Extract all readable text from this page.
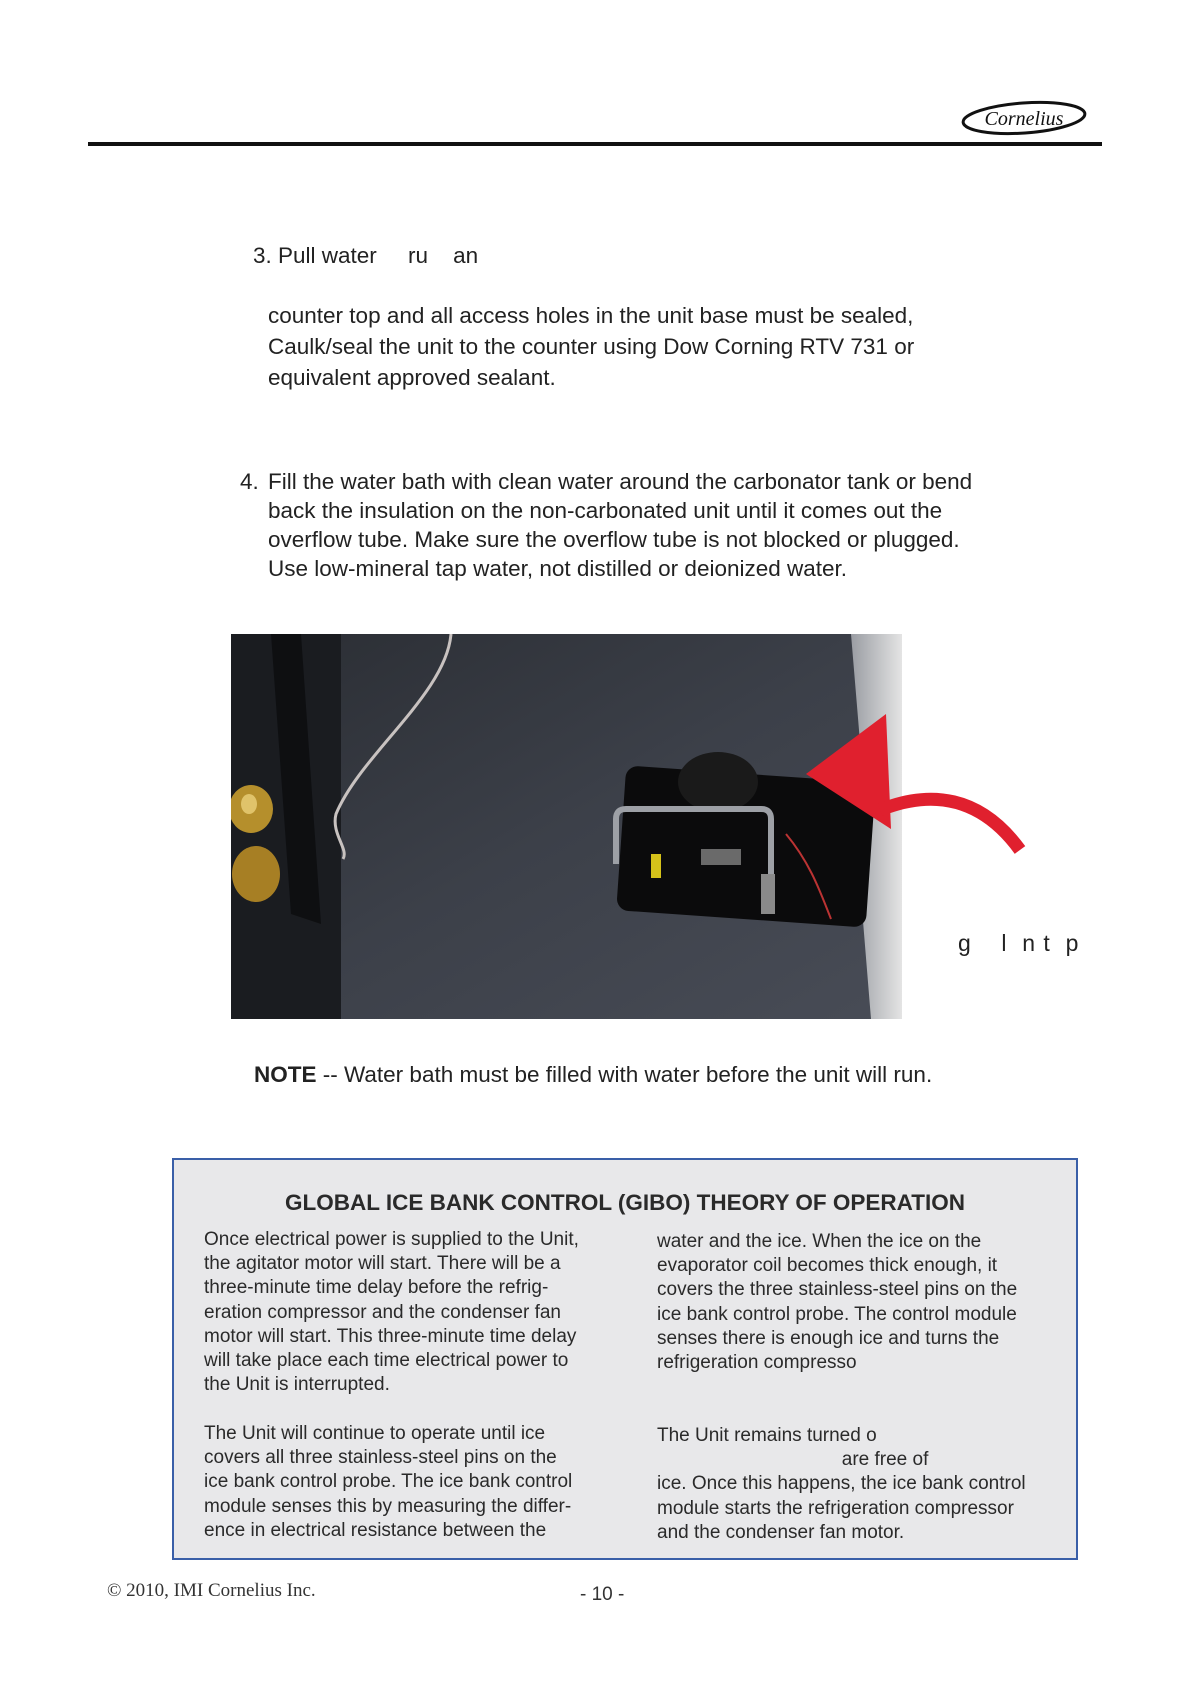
Cornelius
3. Pull water     ru    an
counter top and all access holes in the unit base must be sealed,
Caulk/seal the unit to the counter using Dow Corning RTV 731 or
equivalent approved sealant.
4. Fill the water bath with clean water around the carbonator tank or bend
back the insulation on the non-carbonated unit until it comes out the
overflow tube. Make sure the overflow tube is not blocked or plugged.
Use low-mineral tap water, not distilled or deionized water.
g    l  n t  p
NOTE -- Water bath must be filled with water before the unit will run.
GLOBAL ICE BANK CONTROL (GIBO) THEORY OF OPERATION
Once electrical power is supplied to the Unit,
the agitator motor will start. There will be a
three-minute time delay before the refrig-
eration compressor and the condenser fan
motor will start. This three-minute time delay
will take place each time electrical power to
the Unit is interrupted.
The Unit will continue to operate until ice
covers all three stainless-steel pins on the
ice bank control probe. The ice bank control
module senses this by measuring the differ-
ence in electrical resistance between the
water and the ice. When the ice on the
evaporator coil becomes thick enough, it
covers the three stainless-steel pins on the
ice bank control probe. The control module
senses there is enough ice and turns the
refrigeration compresso
The Unit remains turned o
are free of
ice. Once this happens, the ice bank control
module starts the refrigeration compressor
and the condenser fan motor.
© 2010, IMI Cornelius Inc.	- 10 -
